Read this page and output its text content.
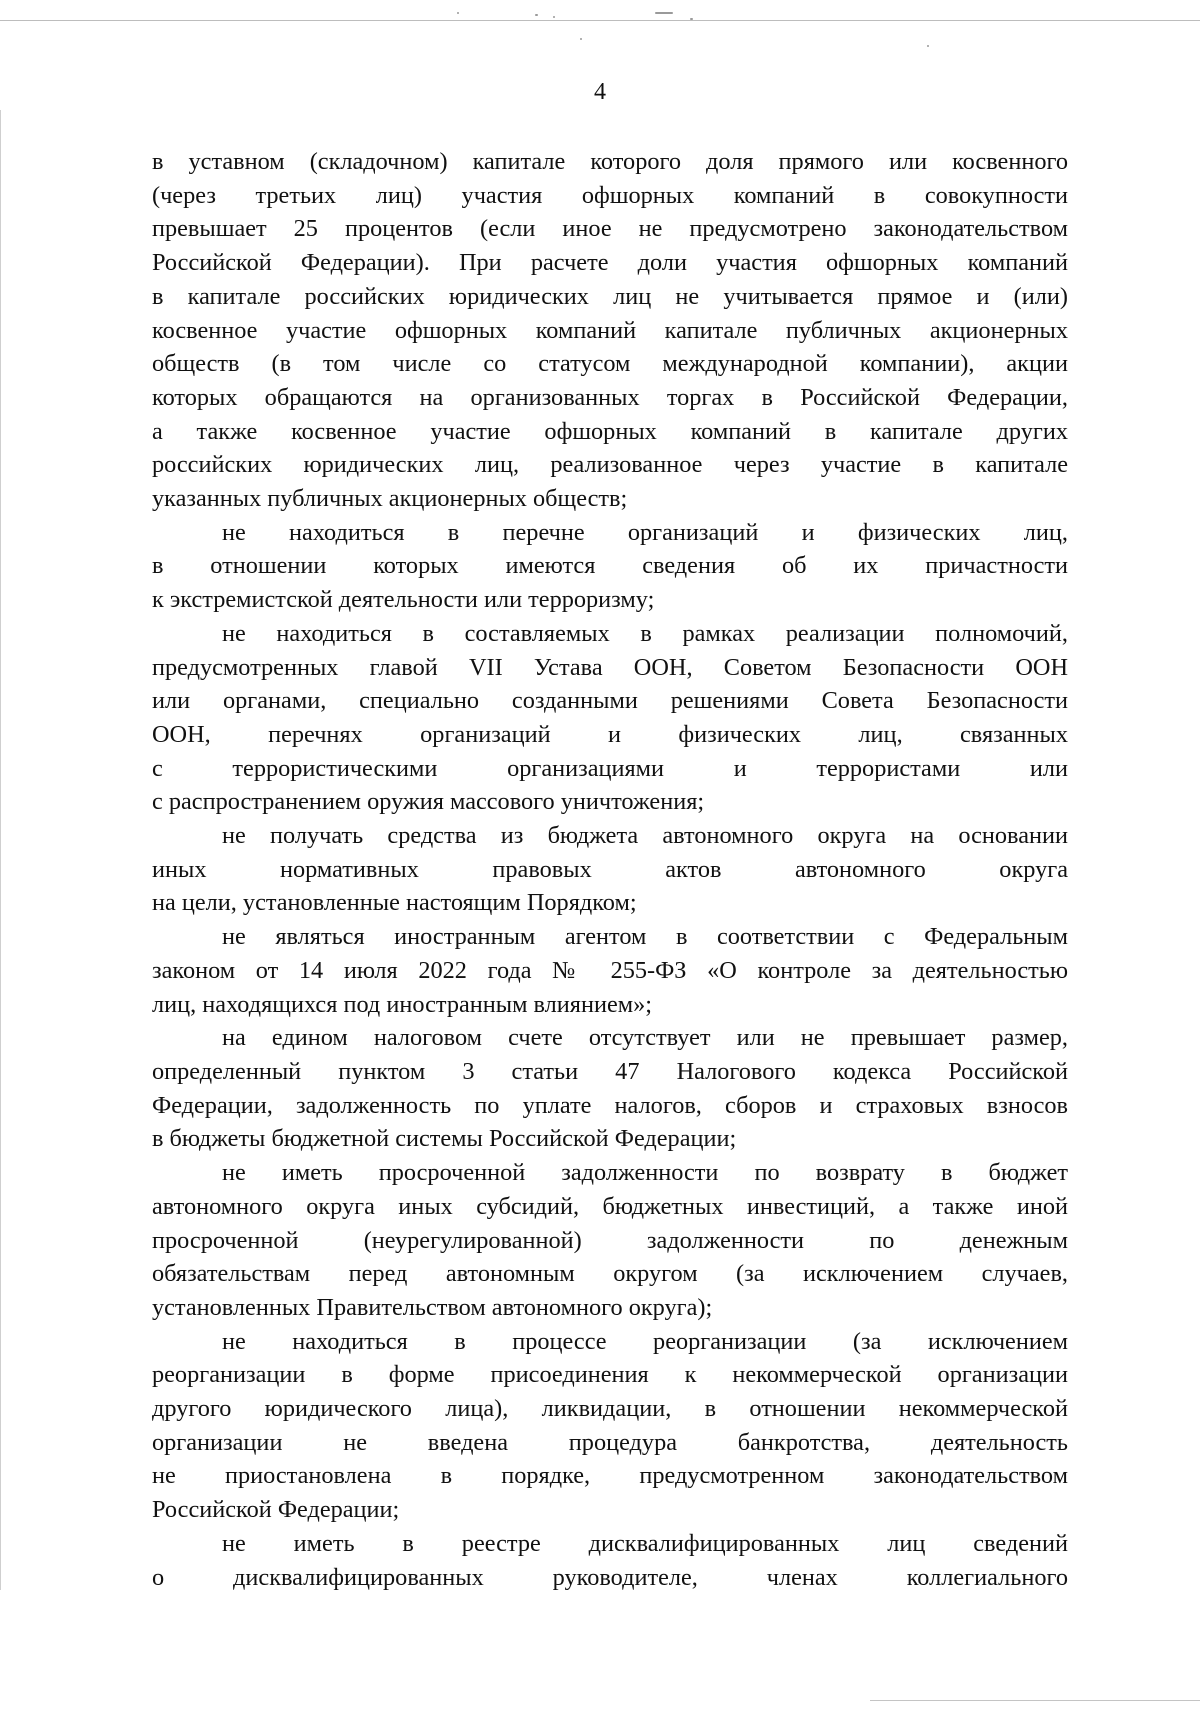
4
в уставном (складочном) капитале которого доля прямого или косвенного
(через третьих лиц) участия офшорных компаний в совокупности
превышает 25 процентов (если иное не предусмотрено законодательством
Российской Федерации). При расчете доли участия офшорных компаний
в капитале российских юридических лиц не учитывается прямое и (или)
косвенное участие офшорных компаний капитале публичных акционерных
обществ (в том числе со статусом международной компании), акции
которых обращаются на организованных торгах в Российской Федерации,
а также косвенное участие офшорных компаний в капитале других
российских юридических лиц, реализованное через участие в капитале
указанных публичных акционерных обществ;
не находиться в перечне организаций и физических лиц,
в отношении которых имеются сведения об их причастности
к экстремистской деятельности или терроризму;
не находиться в составляемых в рамках реализации полномочий,
предусмотренных главой VII Устава ООН, Советом Безопасности ООН
или органами, специально созданными решениями Совета Безопасности
ООН, перечнях организаций и физических лиц, связанных
с террористическими организациями и террористами или
с распространением оружия массового уничтожения;
не получать средства из бюджета автономного округа на основании
иных нормативных правовых актов автономного округа
на цели, установленные настоящим Порядком;
не являться иностранным агентом в соответствии с Федеральным
законом от 14 июля 2022 года № 255-ФЗ «О контроле за деятельностью
лиц, находящихся под иностранным влиянием»;
на едином налоговом счете отсутствует или не превышает размер,
определенный пунктом 3 статьи 47 Налогового кодекса Российской
Федерации, задолженность по уплате налогов, сборов и страховых взносов
в бюджеты бюджетной системы Российской Федерации;
не иметь просроченной задолженности по возврату в бюджет
автономного округа иных субсидий, бюджетных инвестиций, а также иной
просроченной (неурегулированной) задолженности по денежным
обязательствам перед автономным округом (за исключением случаев,
установленных Правительством автономного округа);
не находиться в процессе реорганизации (за исключением
реорганизации в форме присоединения к некоммерческой организации
другого юридического лица), ликвидации, в отношении некоммерческой
организации не введена процедура банкротства, деятельность
не приостановлена в порядке, предусмотренном законодательством
Российской Федерации;
не иметь в реестре дисквалифицированных лиц сведений
о дисквалифицированных руководителе, членах коллегиального
